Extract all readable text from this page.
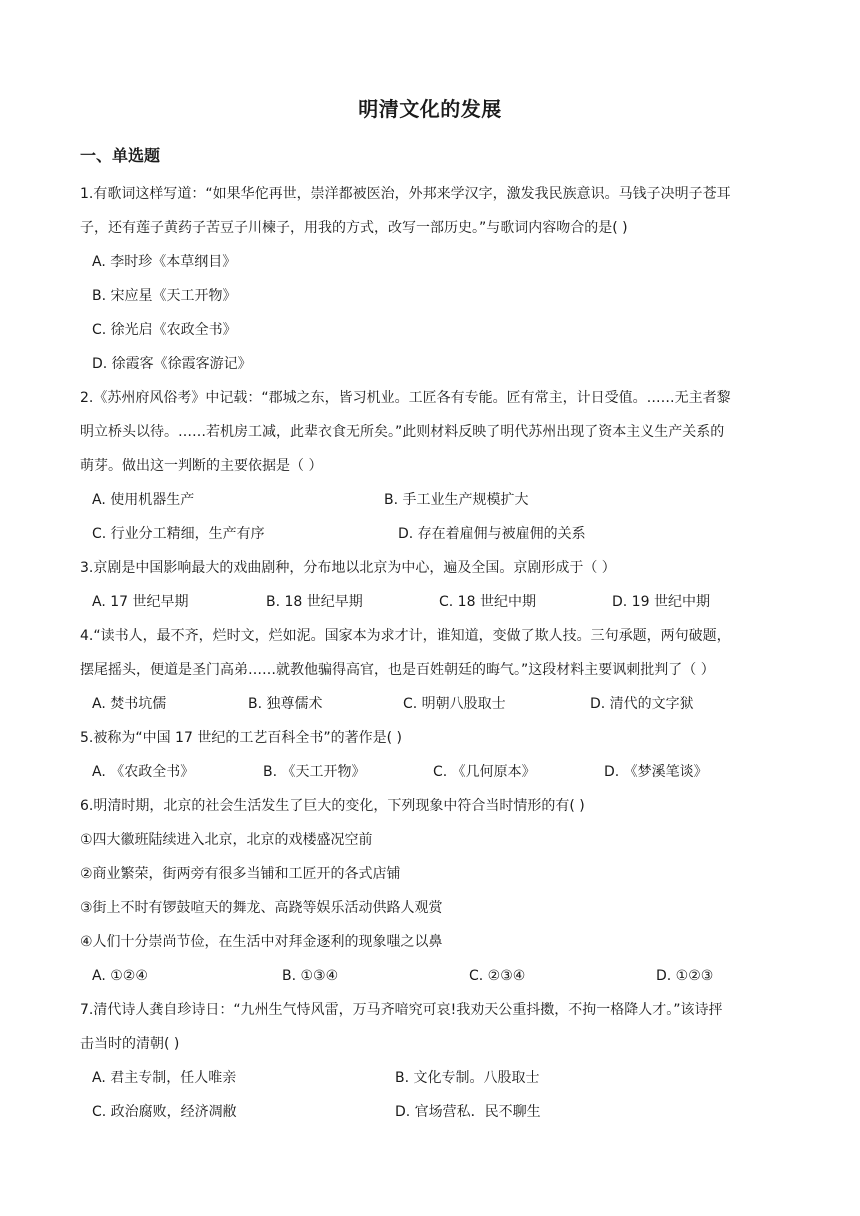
明清文化的发展
一、单选题
1.有歌词这样写道：“如果华佗再世，崇洋都被医治，外邦来学汉字，激发我民族意识。马钱子决明子苍耳
子，还有莲子黄药子苦豆子川楝子，用我的方式，改写一部历史。”与歌词内容吻合的是( )
A. 李时珍《本草纲目》
B. 宋应星《天工开物》
C. 徐光启《农政全书》
D. 徐霞客《徐霞客游记》
2.《苏州府风俗考》中记载：“郡城之东，皆习机业。工匠各有专能。匠有常主，计日受值。……无主者黎
明立桥头以待。……若机房工减，此辈衣食无所矣。”此则材料反映了明代苏州出现了资本主义生产关系的
萌芽。做出这一判断的主要依据是（ ）
A. 使用机器生产	B. 手工业生产规模扩大
C. 行业分工精细，生产有序	D. 存在着雇佣与被雇佣的关系
3.京剧是中国影响最大的戏曲剧种，分布地以北京为中心，遍及全国。京剧形成于（ ）
A. 17 世纪早期	B. 18 世纪早期	C. 18 世纪中期	D. 19 世纪中期
4.“读书人，最不齐，烂时文，烂如泥。国家本为求才计，谁知道，变做了欺人技。三句承题，两句破题，
摆尾摇头，便道是圣门高弟……就教他骗得高官，也是百姓朝廷的晦气。”这段材料主要讽刺批判了（ ）
A. 焚书坑儒	B. 独尊儒术	C. 明朝八股取士	D. 清代的文字狱
5.被称为“中国 17 世纪的工艺百科全书”的著作是( )
A. 《农政全书》	B. 《天工开物》	C. 《几何原本》	D. 《梦溪笔谈》
6.明清时期，北京的社会生活发生了巨大的变化，下列现象中符合当时情形的有( )
①四大徽班陆续进入北京，北京的戏楼盛况空前
②商业繁荣，街两旁有很多当铺和工匠开的各式店铺
③街上不时有锣鼓喧天的舞龙、高跷等娱乐活动供路人观赏
④人们十分崇尚节俭，在生活中对拜金逐利的现象嗤之以鼻
A. ①②④	B. ①③④	C. ②③④	D. ①②③
7.清代诗人龚自珍诗日：“九州生气恃风雷，万马齐喑究可哀!我劝天公重抖擞，不拘一格降人才。”该诗抨
击当时的清朝( )
A. 君主专制，任人唯亲	B. 文化专制。八股取士
C. 政治腐败，经济凋敝	D. 官场营私．民不聊生
